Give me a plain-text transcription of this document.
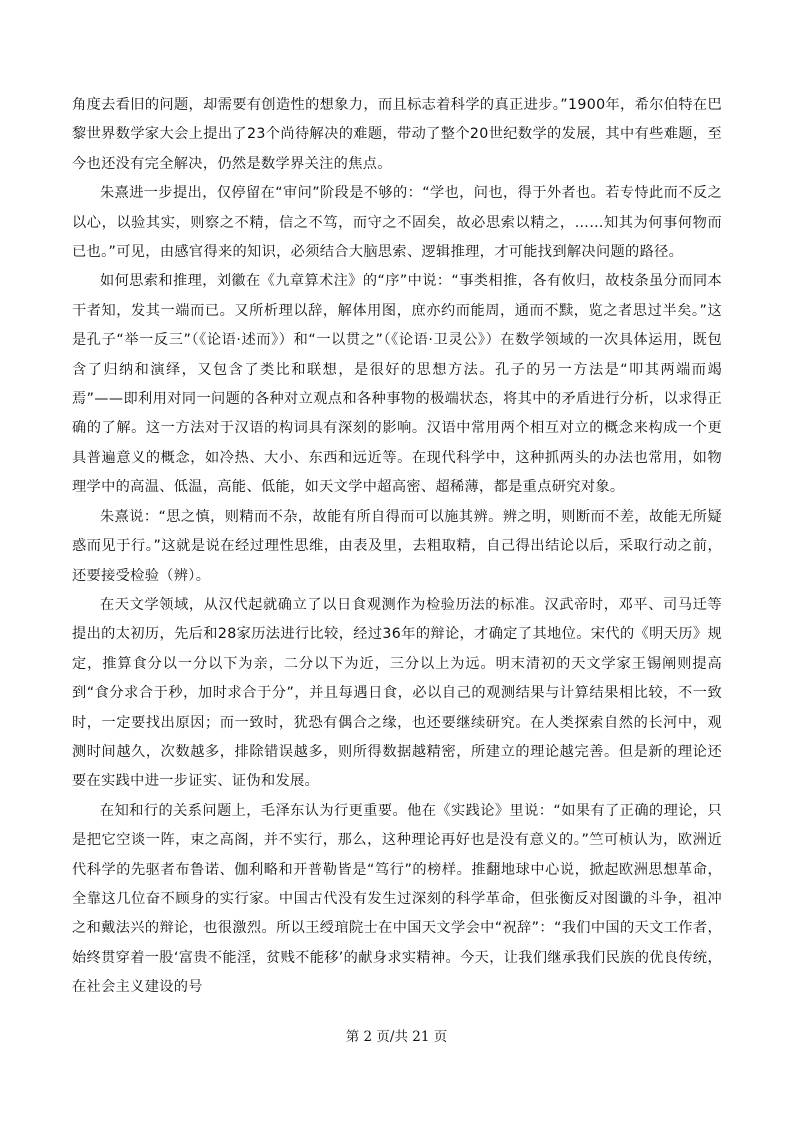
角度去看旧的问题，却需要有创造性的想象力，而且标志着科学的真正进步。”1900年，希尔伯特在巴黎世界数学家大会上提出了23个尚待解决的难题，带动了整个20世纪数学的发展，其中有些难题，至今也还没有完全解决，仍然是数学界关注的焦点。

朱熹进一步提出，仅停留在“审问”阶段是不够的：“学也，问也，得于外者也。若专恃此而不反之以心，以验其实，则察之不精，信之不笃，而守之不固矣，故必思索以精之，……知其为何事何物而已也。”可见，由感官得来的知识，必须结合大脑思索、逻辑推理，才可能找到解决问题的路径。

如何思索和推理，刘徽在《九章算术注》的“序”中说：“事类相推，各有攸归，故枝条虽分而同本干者知，发其一端而已。又所析理以辞，解体用图，庶亦约而能周，通而不黩，览之者思过半矣。”这是孔子“举一反三”（《论语·述而》）和“一以贯之”（《论语·卫灵公》）在数学领域的一次具体运用，既包含了归纳和演绎，又包含了类比和联想，是很好的思想方法。孔子的另一方法是“叩其两端而竭焉”——即利用对同一问题的各种对立观点和各种事物的极端状态，将其中的矛盾进行分析，以求得正确的了解。这一方法对于汉语的构词具有深刻的影响。汉语中常用两个相互对立的概念来构成一个更具普遍意义的概念，如冷热、大小、东西和远近等。在现代科学中，这种抓两头的办法也常用，如物理学中的高温、低温，高能、低能，如天文学中超高密、超稀薄，都是重点研究对象。

朱熹说：“思之慎，则精而不杂，故能有所自得而可以施其辨。辨之明，则断而不差，故能无所疑惑而见于行。”这就是说在经过理性思维，由表及里，去粗取精，自己得出结论以后，采取行动之前，还要接受检验（辨）。

在天文学领域，从汉代起就确立了以日食观测作为检验历法的标准。汉武帝时，邓平、司马迁等提出的太初历，先后和28家历法进行比较，经过36年的辩论，才确定了其地位。宋代的《明天历》规定，推算食分以一分以下为亲，二分以下为近，三分以上为远。明末清初的天文学家王锡阐则提高到“食分求合于秒，加时求合于分”，并且每遇日食，必以自己的观测结果与计算结果相比较，不一致时，一定要找出原因；而一致时，犹恐有偶合之缘，也还要继续研究。在人类探索自然的长河中，观测时间越久，次数越多，排除错误越多，则所得数据越精密，所建立的理论越完善。但是新的理论还要在实践中进一步证实、证伪和发展。

在知和行的关系问题上，毛泽东认为行更重要。他在《实践论》里说：“如果有了正确的理论，只是把它空谈一阵，束之高阁，并不实行，那么，这种理论再好也是没有意义的。”竺可桢认为，欧洲近代科学的先驱者布鲁诺、伽利略和开普勒皆是“笃行”的榜样。推翻地球中心说，掀起欧洲思想革命，全靠这几位奋不顾身的实行家。中国古代没有发生过深刻的科学革命，但张衡反对图谶的斗争，祖冲之和戴法兴的辩论，也很激烈。所以王绶琯院士在中国天文学会中“祝辞”：“我们中国的天文工作者，始终贯穿着一股‘富贵不能淫，贫贱不能移’的献身求实精神。今天，让我们继承我们民族的优良传统，在社会主义建设的号

第 2 页/共 21 页
